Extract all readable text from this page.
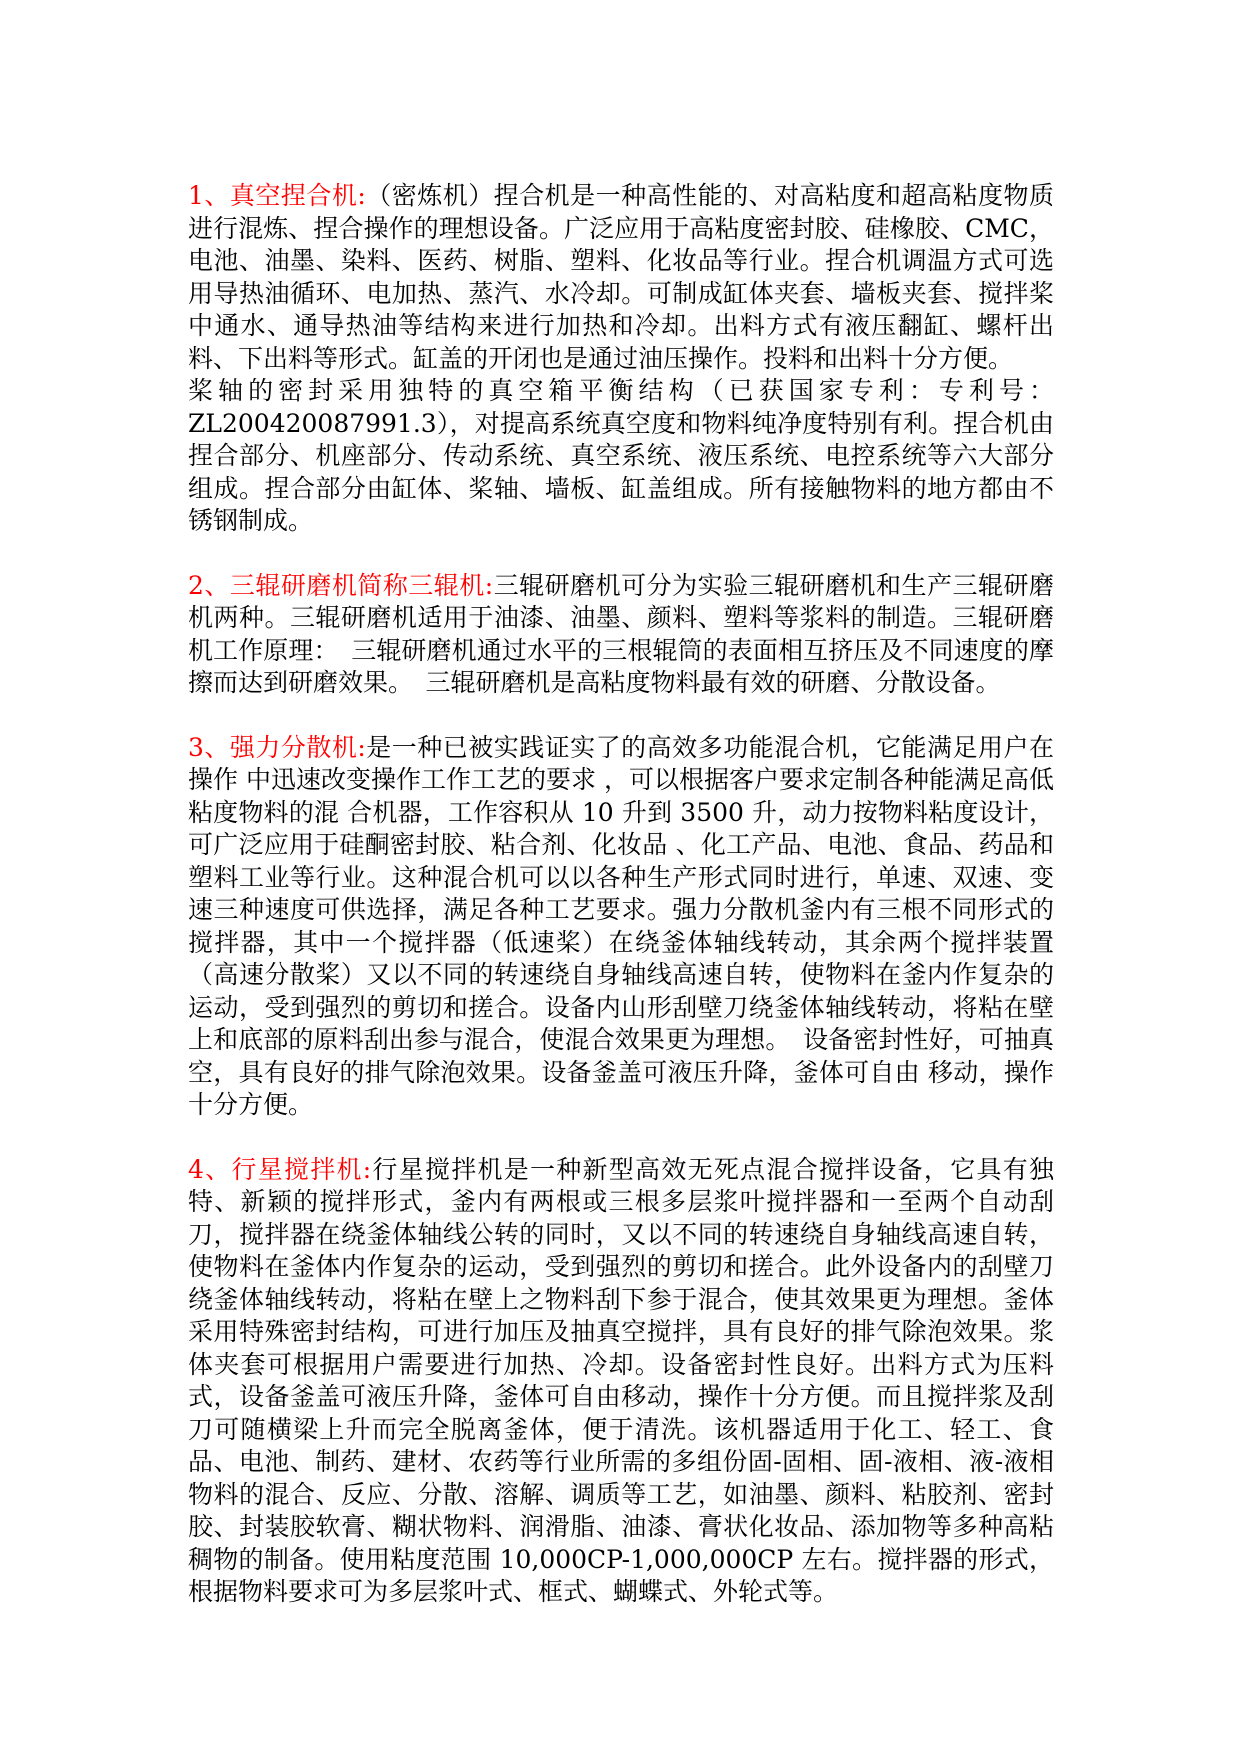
1、真空捏合机:（密炼机）捏合机是一种高性能的、对高粘度和超高粘度物质进行混炼、捏合操作的理想设备。广泛应用于高粘度密封胶、硅橡胶、CMC，电池、油墨、染料、医药、树脂、塑料、化妆品等行业。捏合机调温方式可选用导热油循环、电加热、蒸汽、水冷却。可制成缸体夹套、墙板夹套、搅拌桨中通水、通导热油等结构来进行加热和冷却。出料方式有液压翻缸、螺杆出料、下出料等形式。缸盖的开闭也是通过油压操作。投料和出料十分方便。

桨轴的密封采用独特的真空箱平衡结构（已获国家专利：专利号：ZL200420087991.3），对提高系统真空度和物料纯净度特别有利。捏合机由捏合部分、机座部分、传动系统、真空系统、液压系统、电控系统等六大部分组成。捏合部分由缸体、桨轴、墙板、缸盖组成。所有接触物料的地方都由不锈钢制成。

2、三辊研磨机简称三辊机:三辊研磨机可分为实验三辊研磨机和生产三辊研磨机两种。三辊研磨机适用于油漆、油墨、颜料、塑料等浆料的制造。三辊研磨机工作原理：　三辊研磨机通过水平的三根辊筒的表面相互挤压及不同速度的摩擦而达到研磨效果。　三辊研磨机是高粘度物料最有效的研磨、分散设备。

3、强力分散机:是一种已被实践证实了的高效多功能混合机，它能满足用户在操作 中迅速改变操作工作工艺的要求 ，可以根据客户要求定制各种能满足高低粘度物料的混 合机器，工作容积从 10 升到 3500 升，动力按物料粘度设计，可广泛应用于硅酮密封胶、粘合剂、化妆品 、化工产品、电池、食品、药品和塑料工业等行业。这种混合机可以以各种生产形式同时进行，单速、双速、变速三种速度可供选择，满足各种工艺要求。强力分散机釜内有三根不同形式的搅拌器，其中一个搅拌器（低速桨）在绕釜体轴线转动，其余两个搅拌装置（高速分散桨）又以不同的转速绕自身轴线高速自转，使物料在釜内作复杂的运动，受到强烈的剪切和搓合。设备内山形刮壁刀绕釜体轴线转动，将粘在壁上和底部的原料刮出参与混合，使混合效果更为理想。　设备密封性好，可抽真空，具有良好的排气除泡效果。设备釜盖可液压升降，釜体可自由 移动，操作十分方便。

4、行星搅拌机:行星搅拌机是一种新型高效无死点混合搅拌设备，它具有独特、新颖的搅拌形式，釜内有两根或三根多层浆叶搅拌器和一至两个自动刮刀，搅拌器在绕釜体轴线公转的同时，又以不同的转速绕自身轴线高速自转，使物料在釜体内作复杂的运动，受到强烈的剪切和搓合。此外设备内的刮壁刀绕釜体轴线转动，将粘在壁上之物料刮下参于混合，使其效果更为理想。釜体采用特殊密封结构，可进行加压及抽真空搅拌，具有良好的排气除泡效果。浆体夹套可根据用户需要进行加热、冷却。设备密封性良好。出料方式为压料式，设备釜盖可液压升降，釜体可自由移动，操作十分方便。而且搅拌浆及刮刀可随横梁上升而完全脱离釜体，便于清洗。该机器适用于化工、轻工、食品、电池、制药、建材、农药等行业所需的多组份固-固相、固-液相、液-液相物料的混合、反应、分散、溶解、调质等工艺，如油墨、颜料、粘胶剂、密封胶、封装胶软膏、糊状物料、润滑脂、油漆、膏状化妆品、添加物等多种高粘稠物的制备。使用粘度范围 10,000CP-1,000,000CP 左右。搅拌器的形式，根据物料要求可为多层浆叶式、框式、蝴蝶式、外轮式等。
